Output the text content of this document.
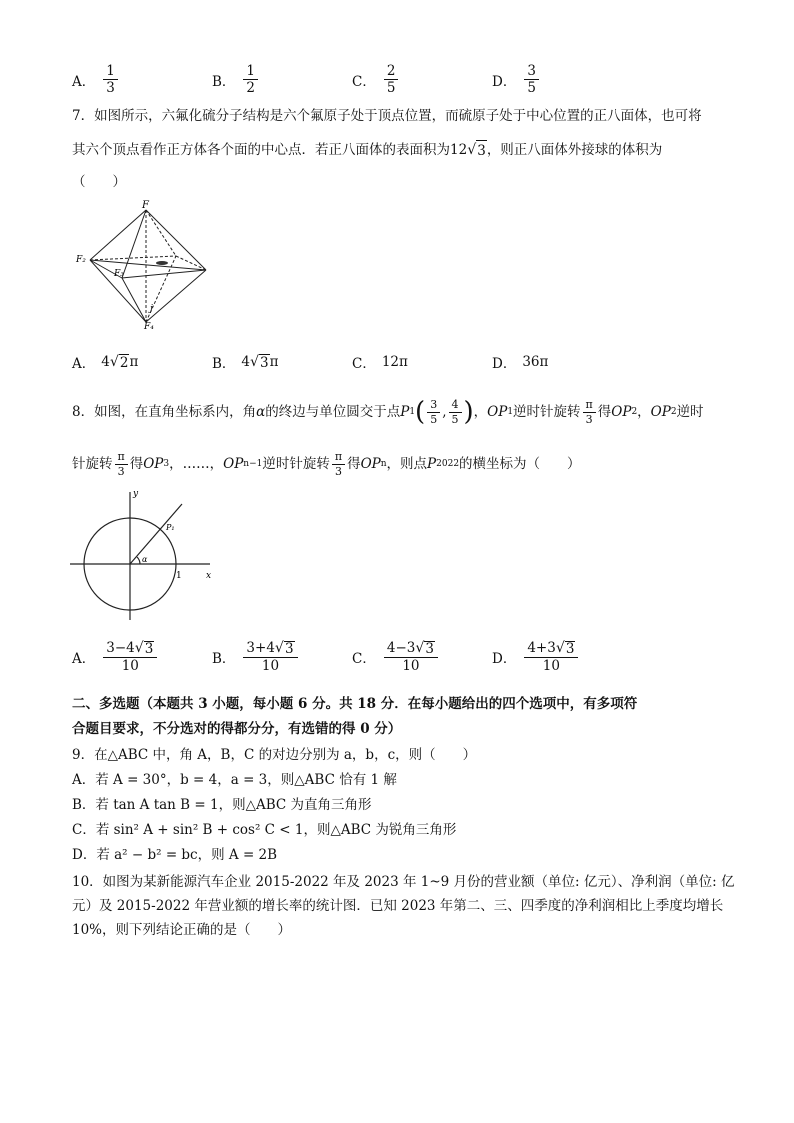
A． $\frac{1}{3}$	B． $\frac{1}{2}$	C． $\frac{2}{5}$	D． $\frac{3}{5}$
7．如图所示，六氟化硫分子结构是六个氟原子处于顶点位置，而硫原子处于中心位置的正八面体，也可将
其六个顶点看作正方体各个面的中心点．若正八面体的表面积为12 √ 3 ，则正八面体外接球的体积为
（　　）
F
F₂
F₃
F₄
j
A． 4 √ 2 π	B． 4 √ 3 π	C． 12π	D． 36π
8．如图，在直角坐标系内，角 α 的终边与单位圆交于点 P 1 ( $\frac{3}{5}$ , $\frac{4}{5}$ ) ， OP 1 逆时针旋转 $\frac{\pi}{3}$ 得 OP 2 ， OP 2 逆时
针旋转 $\frac{\pi}{3}$ 得 OP 3 ，……， OP n−1 逆时针旋转 $\frac{\pi}{3}$ 得 OP n ，则点 P 2022 的横坐标为（　　）
y
x
1
α
P₁
A． $\frac{3-4 √ 3}{10}$	B． $\frac{3+4 √ 3}{10}$	C． $\frac{4-3 √ 3}{10}$	D． $\frac{4+3 √ 3}{10}$
二、多选题（本题共 3 小题，每小题 6 分。共 18 分．在每小题给出的四个选项中，有多项符
合题目要求，不分选对的得都分分，有选错的得 0 分）
9．在△ABC 中，角 A，B，C 的对边分别为 a，b，c，则（　　）
A．若 A = 30°，b = 4，a = 3，则△ABC 恰有 1 解
B．若 tan A tan B = 1，则△ABC 为直角三角形
C．若 sin² A + sin² B + cos² C < 1，则△ABC 为锐角三角形
D．若 a² − b² = bc，则 A = 2B
10．如图为某新能源汽车企业 2015-2022 年及 2023 年 1~9 月份的营业额（单位: 亿元）、净利润（单位: 亿
元）及 2015-2022 年营业额的增长率的统计图．已知 2023 年第二、三、四季度的净利润相比上季度均增长
10%，则下列结论正确的是（　　）
